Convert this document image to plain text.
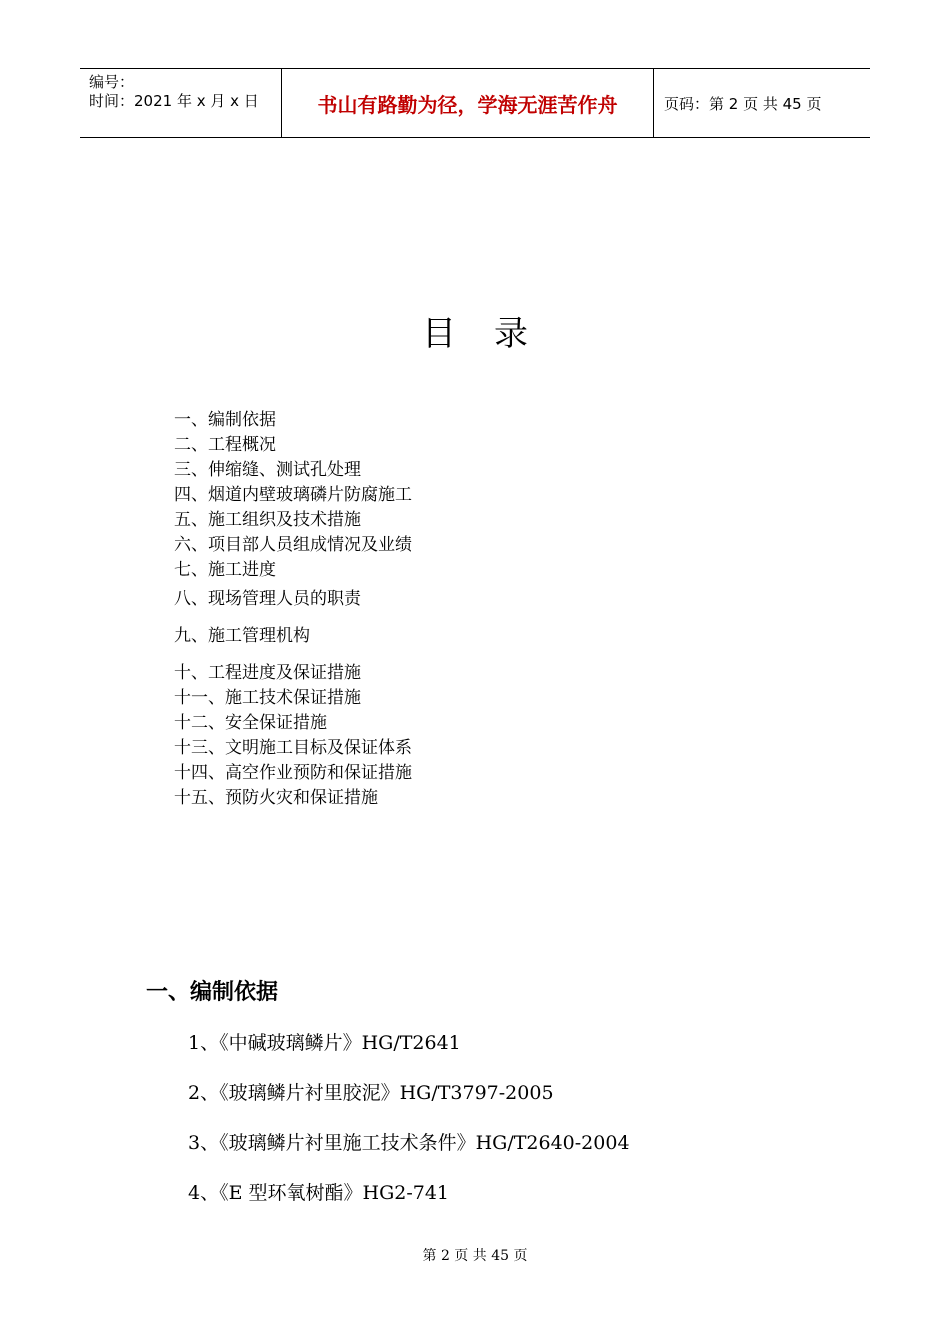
编号：
时间：2021 年 x 月 x 日	书山有路勤为径，学海无涯苦作舟	页码：第 2 页 共 45 页
目录
一、编制依据
二、工程概况
三、伸缩缝、测试孔处理
四、烟道内壁玻璃磷片防腐施工
五、施工组织及技术措施
六、项目部人员组成情况及业绩
七、施工进度
八、现场管理人员的职责
九、施工管理机构
十、工程进度及保证措施
十一、施工技术保证措施
十二、安全保证措施
十三、文明施工目标及保证体系
十四、高空作业预防和保证措施
十五、预防火灾和保证措施
一、编制依据
1、《中碱玻璃鳞片》HG/T2641
2、《玻璃鳞片衬里胶泥》HG/T3797-2005
3、《玻璃鳞片衬里施工技术条件》HG/T2640-2004
4、《E 型环氧树酯》HG2-741
第 2 页 共 45 页
